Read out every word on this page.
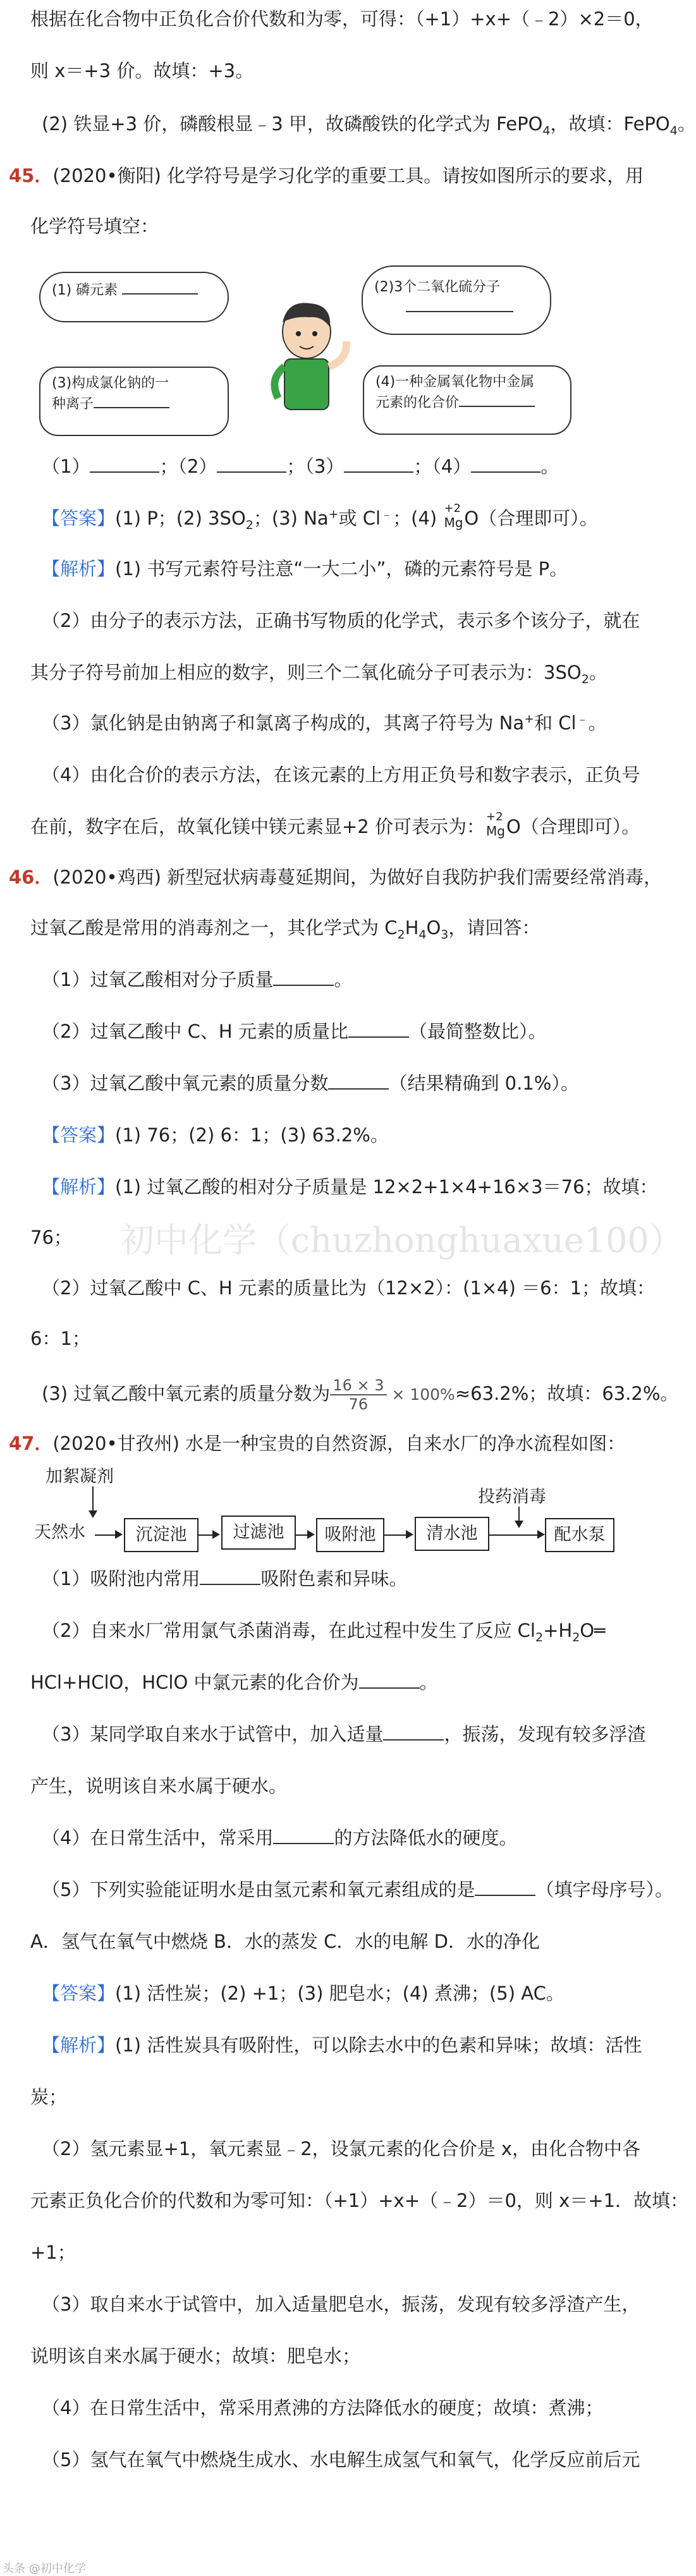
根据在化合物中正负化合价代数和为零，可得：（+1）+x+（﹣2）×2＝0，
则 x＝+3 价。故填：+3。
(2) 铁显+3 价，磷酸根显﹣3 甲，故磷酸铁的化学式为 FePO$_4$，故填：FePO$_4$。
45．(2020•衡阳) 化学符号是学习化学的重要工具。请按如图所示的要求，用
化学符号填空：
(1) 磷元素	(2)3个二氧化硫分子

(3)构成氯化钠的一
种离子
(4)一种金属氧化物中金属
元素的化合价
（1）	；（2）	；（3）	；（4）	。
【答案】(1) P；(2) $3SO_2$；(3) Na+或 Cl﹣；(4) +2
MgO（合理即可）。
【解析】(1) 书写元素符号注意“一大二小”，磷的元素符号是 P。
（2）由分子的表示方法，正确书写物质的化学式，表示多个该分子，就在
其分子符号前加上相应的数字，则三个二氧化硫分子可表示为：$3SO_2$。
（3）氯化钠是由钠离子和氯离子构成的，其离子符号为 Na+和 Cl﹣。
（4）由化合价的表示方法，在该元素的上方用正负号和数字表示，正负号
在前，数字在后，故氧化镁中镁元素显+2 价可表示为： +2
MgO（合理即可）。
46．(2020•鸡西) 新型冠状病毒蔓延期间，为做好自我防护我们需要经常消毒，
过氧乙酸是常用的消毒剂之一，其化学式为 $C_2H_4O_3$，请回答：
（1）过氧乙酸相对分子质量	。
（2）过氧乙酸中 C、H 元素的质量比	（最简整数比）。
（3）过氧乙酸中氧元素的质量分数	（结果精确到 0.1%）。
【答案】(1) 76；(2) 6：1；(3) 63.2%。
【解析】(1) 过氧乙酸的相对分子质量是 12×2+1×4+16×3＝76；故填：
76；
（2）过氧乙酸中 C、H 元素的质量比为（12×2）：(1×4) ＝6：1；故填：
6：1；
(3) 过氧乙酸中氧元素的质量分数为 $\frac{16 \times 3}{76} \times 100\%\approx 63.2\%$；故填：63.2%。
初中化学（chuzhonghuaxue100）
47．(2020•甘孜州) 水是一种宝贵的自然资源，自来水厂的净水流程如图：
加絮凝剂
天然水	沉淀池	过滤池	吸附池	清水池
投药消毒
配水泵
（1）吸附池内常用	吸附色素和异味。
（2）自来水厂常用氯气杀菌消毒，在此过程中发生了反应 $Cl_2+H_2O═$
HCl+HClO，HClO 中氯元素的化合价为	。
（3）某同学取自来水于试管中，加入适量	，振荡，发现有较多浮渣
产生，说明该自来水属于硬水。
（4）在日常生活中，常采用	的方法降低水的硬度。
（5）下列实验能证明水是由氢元素和氧元素组成的是	（填字母序号）。
A．氢气在氧气中燃烧 B．水的蒸发 C．水的电解 D．水的净化
【答案】(1) 活性炭；(2) +1；(3) 肥皂水；(4) 煮沸；(5) AC。
【解析】(1) 活性炭具有吸附性，可以除去水中的色素和异味；故填：活性
炭；
（2）氢元素显+1，氧元素显﹣2，设氯元素的化合价是 x，由化合物中各
元素正负化合价的代数和为零可知：（+1）+x+（﹣2）＝0，则 x＝+1．故填：
+1；
（3）取自来水于试管中，加入适量肥皂水，振荡，发现有较多浮渣产生，
说明该自来水属于硬水；故填：肥皂水；
（4）在日常生活中，常采用煮沸的方法降低水的硬度；故填：煮沸；
（5）氢气在氧气中燃烧生成水、水电解生成氢气和氧气，化学反应前后元
头条 @初中化学
